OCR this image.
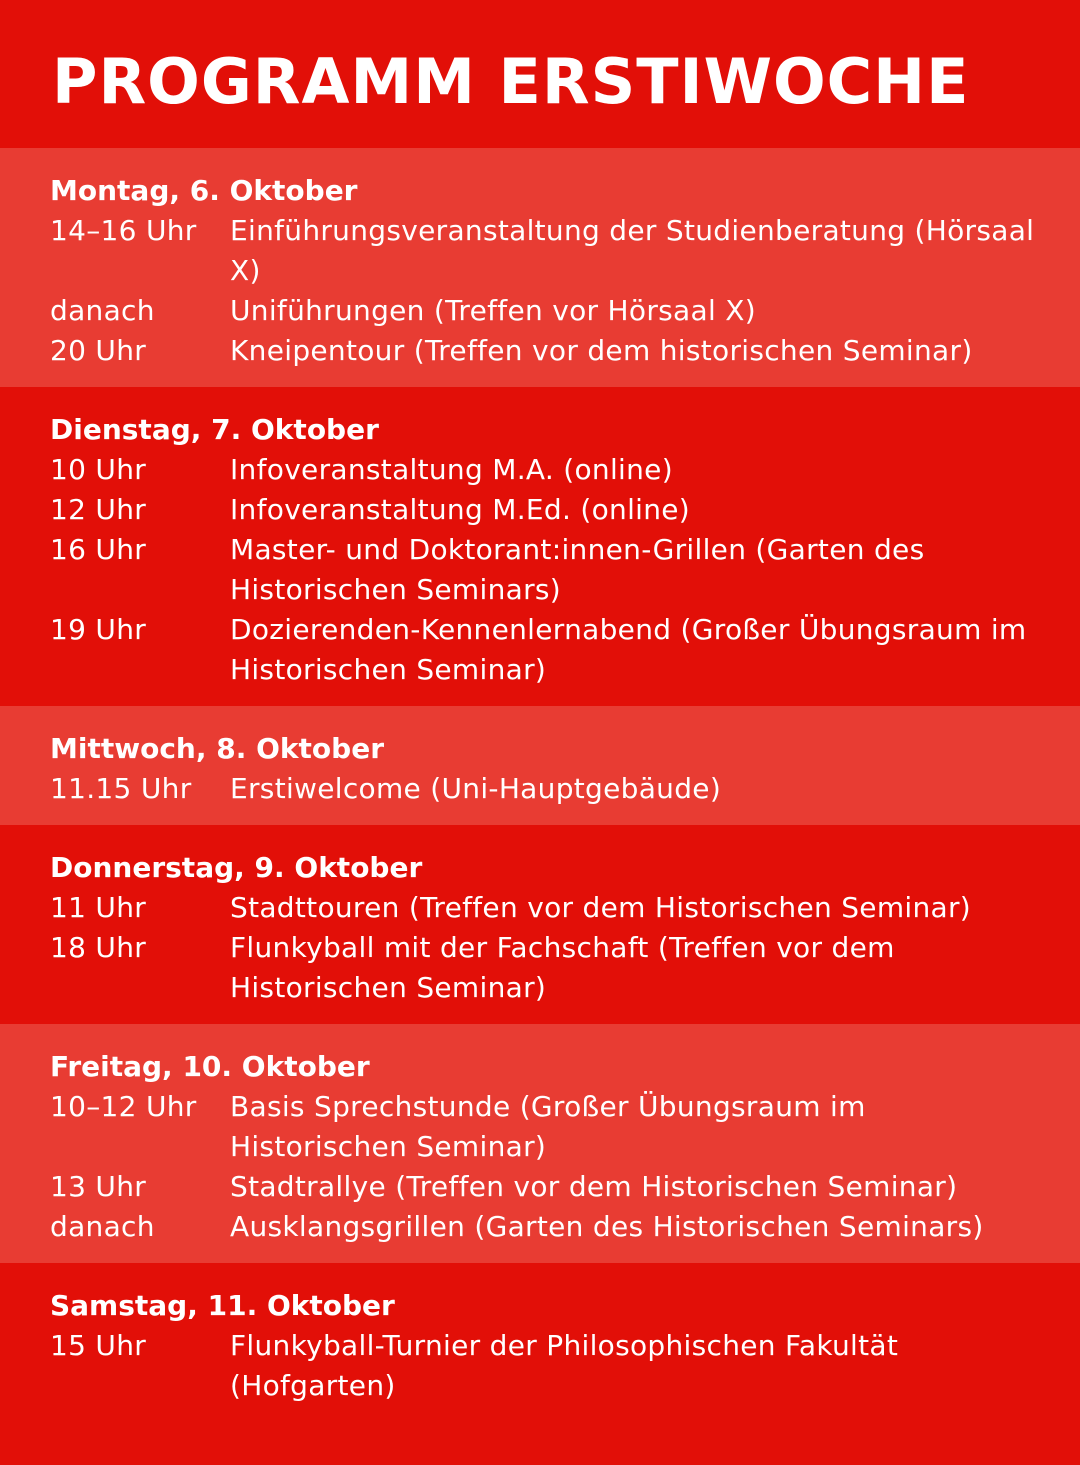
PROGRAMM ERSTIWOCHE
Montag, 6. Oktober
14–16 Uhr	Einführungsveranstaltung der Studienberatung (Hörsaal X)
danach	Uniführungen (Treffen vor Hörsaal X)
20 Uhr	Kneipentour (Treffen vor dem historischen Seminar)
Dienstag, 7. Oktober
10 Uhr	Infoveranstaltung M.A. (online)
12 Uhr	Infoveranstaltung M.Ed. (online)
16 Uhr	Master- und Doktorant:innen-Grillen (Garten des Historischen Seminars)
19 Uhr	Dozierenden-Kennenlernabend (Großer Übungsraum im Historischen Seminar)
Mittwoch, 8. Oktober
11.15 Uhr	Erstiwelcome (Uni-Hauptgebäude)
Donnerstag, 9. Oktober
11 Uhr	Stadttouren (Treffen vor dem Historischen Seminar)
18 Uhr	Flunkyball mit der Fachschaft (Treffen vor dem Historischen Seminar)
Freitag, 10. Oktober
10–12 Uhr	Basis Sprechstunde (Großer Übungsraum im Historischen Seminar)
13 Uhr	Stadtrallye (Treffen vor dem Historischen Seminar)
danach	Ausklangsgrillen (Garten des Historischen Seminars)
Samstag, 11. Oktober
15 Uhr	Flunkyball-Turnier der Philosophischen Fakultät (Hofgarten)
